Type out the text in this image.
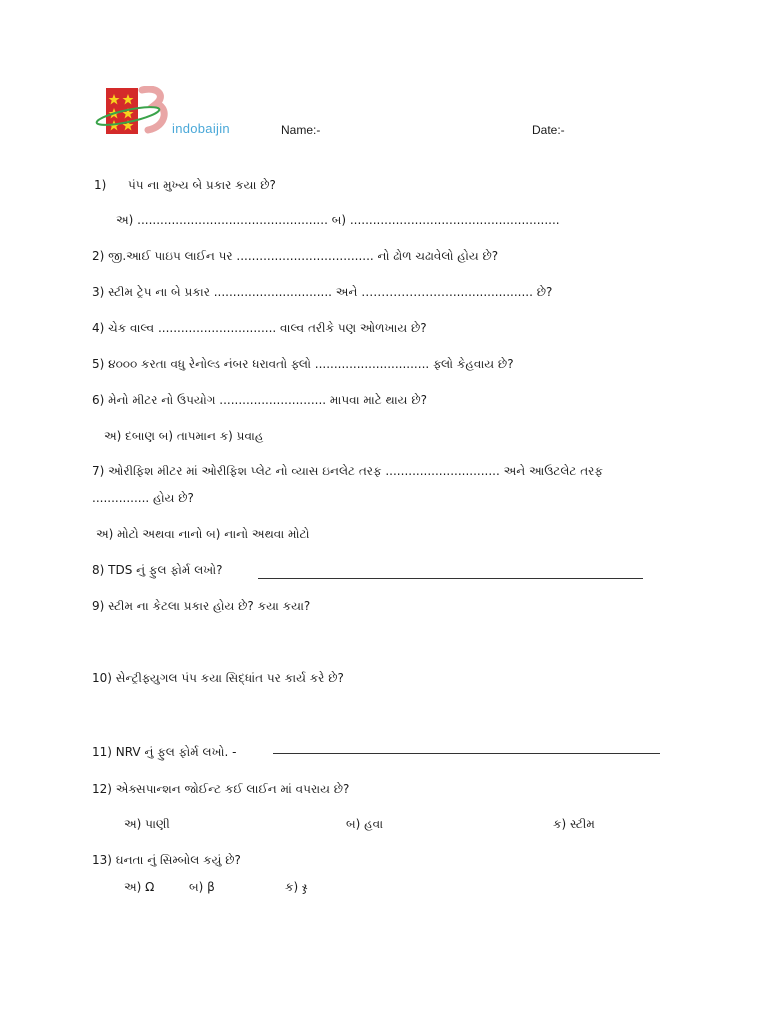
indobaijin	Name:-	Date:-
1) પંપ ના મુખ્ય બે પ્રકાર કયા છે?
અ) .................................................. બ) .......................................................
2) જી.આઈ પાઇપ લાઈન પર .................................... નો ઢોળ ચઢાવેલો હોય છે?
3) સ્ટીમ ટ્રેપ ના બે પ્રકાર ............................... અને ……………….…...................... છે?
4) ચેક વાલ્વ ............................... વાલ્વ તરીકે પણ ઓળખાય છે?
5) ૪૦૦૦ કરતા વધુ રેનોલ્ડ નંબર ધરાવતો ફ્લો .............................. ફ્લો કેહવાય છે?
6) મેનો મીટર નો ઉપયોગ ............................ માપવા માટે થાય છે?
અ) દબાણ બ) તાપમાન ક) પ્રવાહ
7) ઓરીફિશ મીટર માં ઓરીફિશ પ્લેટ નો વ્યાસ ઇનલેટ તરફ .............................. અને આઉટલેટ તરફ
............... હોય છે?
અ) મોટો અથવા નાનો બ) નાનો અથવા મોટો
8) TDS નું ફુલ ફોર્મ લખો?
9) સ્ટીમ ના કેટલા પ્રકાર હોય છે? કયા કયા?
10) સેન્ટ્રીફ્યુગલ પંપ કયા સિદ્ધાંત પર કાર્ય કરે છે?
11) NRV નું ફુલ ફોર્મ લખો. -
12) એક્સપાન્શન જોઈન્ટ કઈ લાઈન માં વપરાય છે?
અ) પાણી	બ) હવા	ક) સ્ટીમ
13) ઘનતા નું સિમ્બોલ કયું છે?
અ) Ω	બ) β	ક) ჯ
